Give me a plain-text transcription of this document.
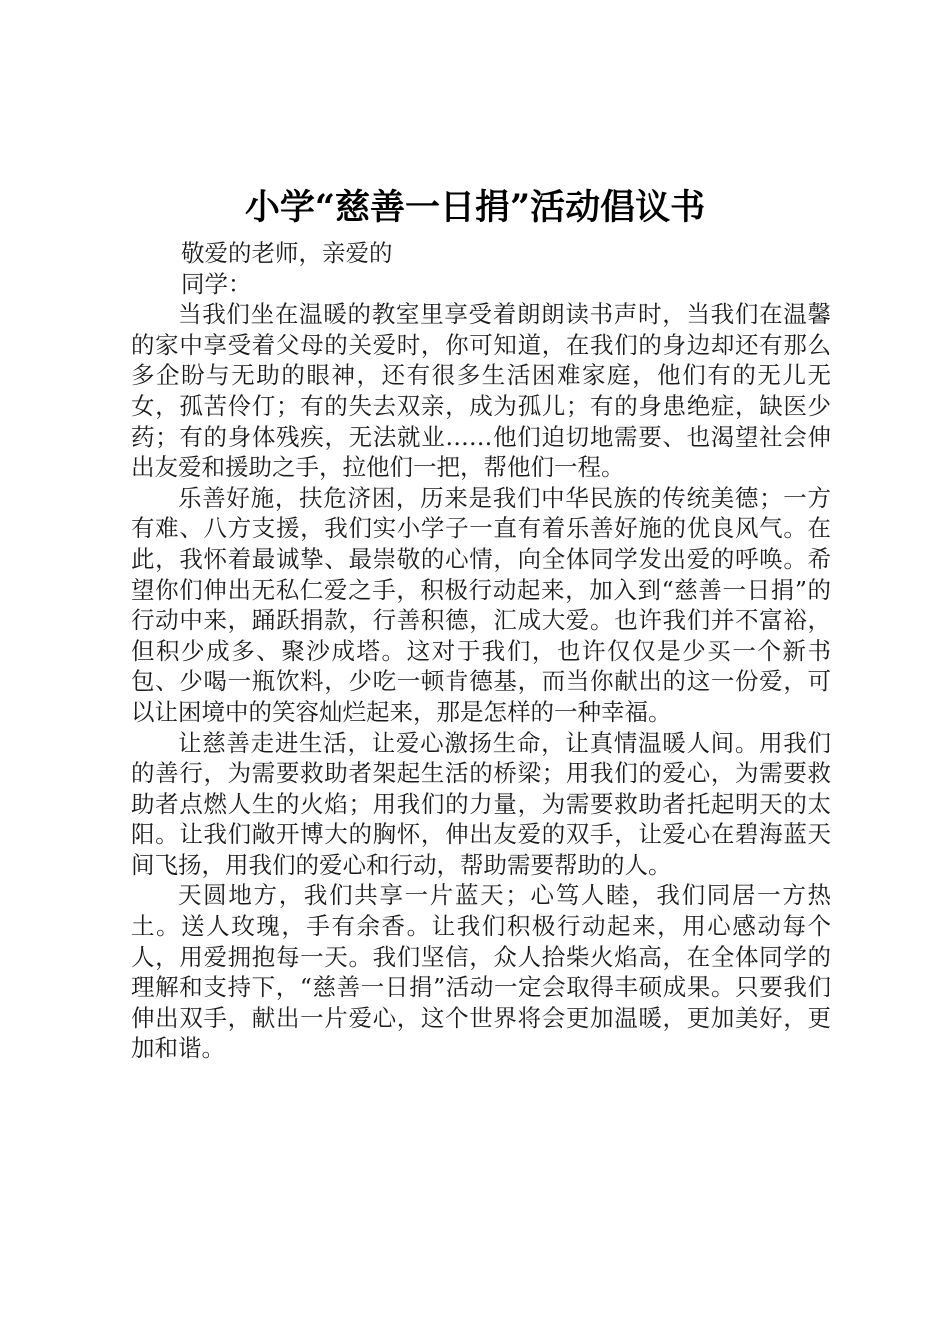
小学“慈善一日捐”活动倡议书

敬爱的老师，亲爱的
同学：

当我们坐在温暖的教室里享受着朗朗读书声时，当我们在温馨的家中享受着父母的关爱时，你可知道，在我们的身边却还有那么多企盼与无助的眼神，还有很多生活困难家庭，他们有的无儿无女，孤苦伶仃；有的失去双亲，成为孤儿；有的身患绝症，缺医少药；有的身体残疾，无法就业……他们迫切地需要、也渴望社会伸出友爱和援助之手，拉他们一把，帮他们一程。

乐善好施，扶危济困，历来是我们中华民族的传统美德；一方有难、八方支援，我们实小学子一直有着乐善好施的优良风气。在此，我怀着最诚挚、最崇敬的心情，向全体同学发出爱的呼唤。希望你们伸出无私仁爱之手，积极行动起来，加入到“慈善一日捐”的行动中来，踊跃捐款，行善积德，汇成大爱。也许我们并不富裕，但积少成多、聚沙成塔。这对于我们，也许仅仅是少买一个新书包、少喝一瓶饮料，少吃一顿肯德基，而当你献出的这一份爱，可以让困境中的笑容灿烂起来，那是怎样的一种幸福。

让慈善走进生活，让爱心激扬生命，让真情温暖人间。用我们的善行，为需要救助者架起生活的桥梁；用我们的爱心，为需要救助者点燃人生的火焰；用我们的力量，为需要救助者托起明天的太阳。让我们敞开博大的胸怀，伸出友爱的双手，让爱心在碧海蓝天间飞扬，用我们的爱心和行动，帮助需要帮助的人。

天圆地方，我们共享一片蓝天；心笃人睦，我们同居一方热土。送人玫瑰，手有余香。让我们积极行动起来，用心感动每个人，用爱拥抱每一天。我们坚信，众人拾柴火焰高，在全体同学的理解和支持下，“慈善一日捐”活动一定会取得丰硕成果。只要我们伸出双手，献出一片爱心，这个世界将会更加温暖，更加美好，更加和谐。
